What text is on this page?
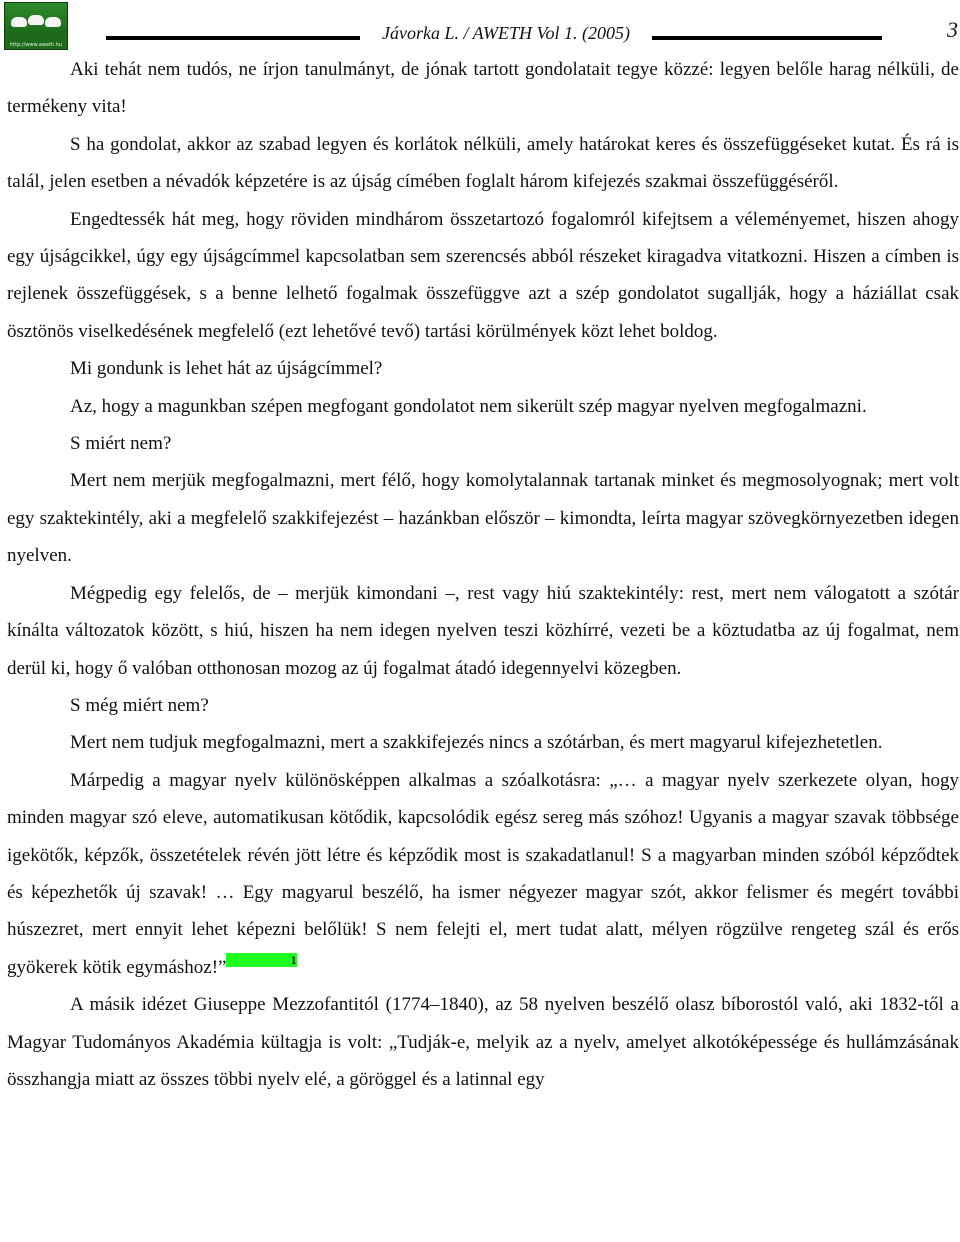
http://www.aweth.hu
Jávorka L. / AWETH Vol 1. (2005)	3

Aki tehát nem tudós, ne írjon tanulmányt, de jónak tartott gondolatait tegye közzé: legyen belőle harag nélküli, de termékeny vita!

S ha gondolat, akkor az szabad legyen és korlátok nélküli, amely határokat keres és összefüggéseket kutat. És rá is talál, jelen esetben a névadók képzetére is az újság címében foglalt három kifejezés szakmai összefüggéséről.

Engedtessék hát meg, hogy röviden mindhárom összetartozó fogalomról kifejtsem a véleményemet, hiszen ahogy egy újságcikkel, úgy egy újságcímmel kapcsolatban sem szerencsés abból részeket kiragadva vitatkozni. Hiszen a címben is rejlenek összefüggések, s a benne lelhető fogalmak összefüggve azt a szép gondolatot sugallják, hogy a háziállat csak ösztönös viselkedésének megfelelő (ezt lehetővé tevő) tartási körülmények közt lehet boldog.

Mi gondunk is lehet hát az újságcímmel?

Az, hogy a magunkban szépen megfogant gondolatot nem sikerült szép magyar nyelven megfogalmazni.

S miért nem?

Mert nem merjük megfogalmazni, mert félő, hogy komolytalannak tartanak minket és megmosolyognak; mert volt egy szaktekintély, aki a megfelelő szakkifejezést – hazánkban először – kimondta, leírta magyar szövegkörnyezetben idegen nyelven.

Mégpedig egy felelős, de – merjük kimondani –, rest vagy hiú szaktekintély: rest, mert nem válogatott a szótár kínálta változatok között, s hiú, hiszen ha nem idegen nyelven teszi közhírré, vezeti be a köztudatba az új fogalmat, nem derül ki, hogy ő valóban otthonosan mozog az új fogalmat átadó idegennyelvi közegben.

S még miért nem?

Mert nem tudjuk megfogalmazni, mert a szakkifejezés nincs a szótárban, és mert magyarul kifejezhetetlen.

Márpedig a magyar nyelv különösképpen alkalmas a szóalkotásra: „… a magyar nyelv szerkezete olyan, hogy minden magyar szó eleve, automatikusan kötődik, kapcsolódik egész sereg más szóhoz! Ugyanis a magyar szavak többsége igekötők, képzők, összetételek révén jött létre és képződik most is szakadatlanul! S a magyarban minden szóból képződtek és képezhetők új szavak! … Egy magyarul beszélő, ha ismer négyezer magyar szót, akkor felismer és megért további húszezret, mert ennyit lehet képezni belőlük! S nem felejti el, mert tudat alatt, mélyen rögzülve rengeteg szál és erős gyökerek kötik egymáshoz!”	1

A másik idézet Giuseppe Mezzofantitól (1774–1840), az 58 nyelven beszélő olasz bíborostól való, aki 1832-től a Magyar Tudományos Akadémia kültagja is volt: „Tudják-e, melyik az a nyelv, amelyet alkotóképessége és hullámzásának összhangja miatt az összes többi nyelv elé, a göröggel és a latinnal egy
